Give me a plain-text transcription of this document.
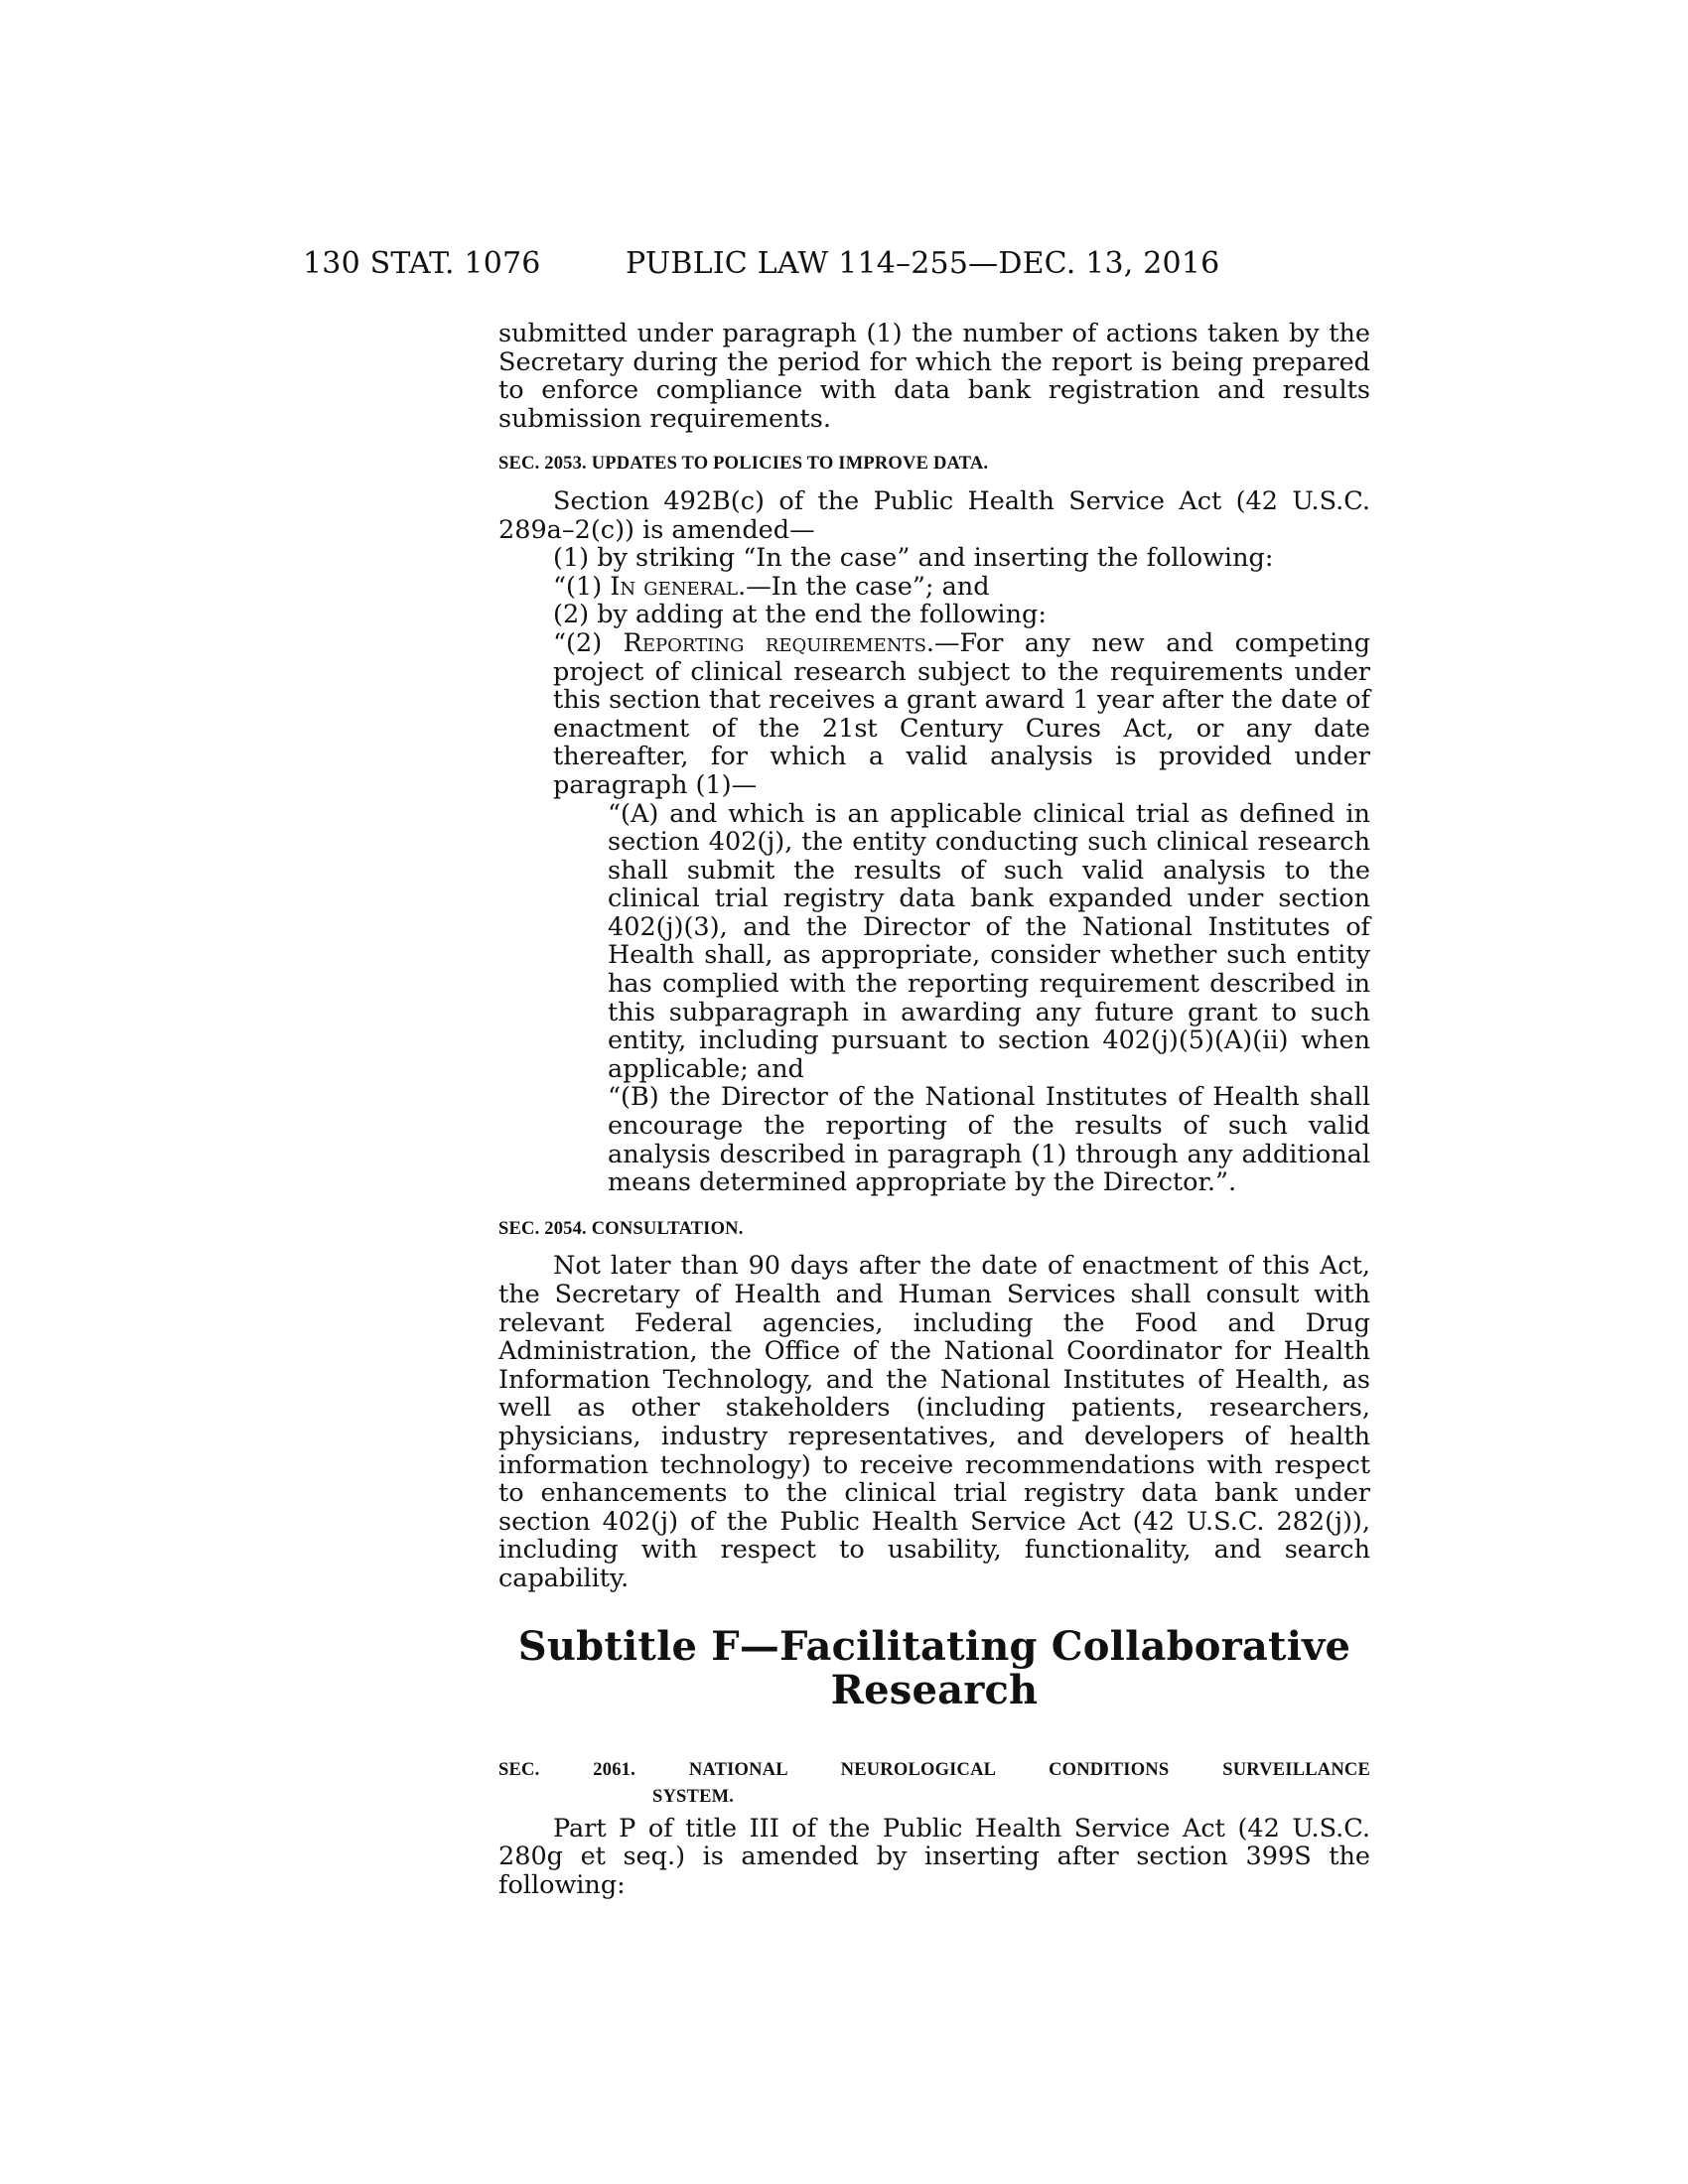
130 STAT. 1076	PUBLIC LAW 114–255—DEC. 13, 2016

submitted under paragraph (1) the number of actions taken by the Secretary during the period for which the report is being prepared to enforce compliance with data bank registration and results submission requirements.

SEC. 2053. UPDATES TO POLICIES TO IMPROVE DATA.

Section 492B(c) of the Public Health Service Act (42 U.S.C. 289a–2(c)) is amended—

(1) by striking “In the case” and inserting the following:

“(1) In general.—In the case”; and

(2) by adding at the end the following:

“(2) Reporting requirements.—For any new and competing project of clinical research subject to the requirements under this section that receives a grant award 1 year after the date of enactment of the 21st Century Cures Act, or any date thereafter, for which a valid analysis is provided under paragraph (1)—

“(A) and which is an applicable clinical trial as defined in section 402(j), the entity conducting such clinical research shall submit the results of such valid analysis to the clinical trial registry data bank expanded under section 402(j)(3), and the Director of the National Institutes of Health shall, as appropriate, consider whether such entity has complied with the reporting requirement described in this subparagraph in awarding any future grant to such entity, including pursuant to section 402(j)(5)(A)(ii) when applicable; and

“(B) the Director of the National Institutes of Health shall encourage the reporting of the results of such valid analysis described in paragraph (1) through any additional means determined appropriate by the Director.”.

SEC. 2054. CONSULTATION.

Not later than 90 days after the date of enactment of this Act, the Secretary of Health and Human Services shall consult with relevant Federal agencies, including the Food and Drug Administration, the Office of the National Coordinator for Health Information Technology, and the National Institutes of Health, as well as other stakeholders (including patients, researchers, physicians, industry representatives, and developers of health information technology) to receive recommendations with respect to enhancements to the clinical trial registry data bank under section 402(j) of the Public Health Service Act (42 U.S.C. 282(j)), including with respect to usability, functionality, and search capability.

Subtitle F—Facilitating Collaborative
Research
SEC. 2061. NATIONAL NEUROLOGICAL CONDITIONS SURVEILLANCE
SYSTEM.

Part P of title III of the Public Health Service Act (42 U.S.C. 280g et seq.) is amended by inserting after section 399S the following:
